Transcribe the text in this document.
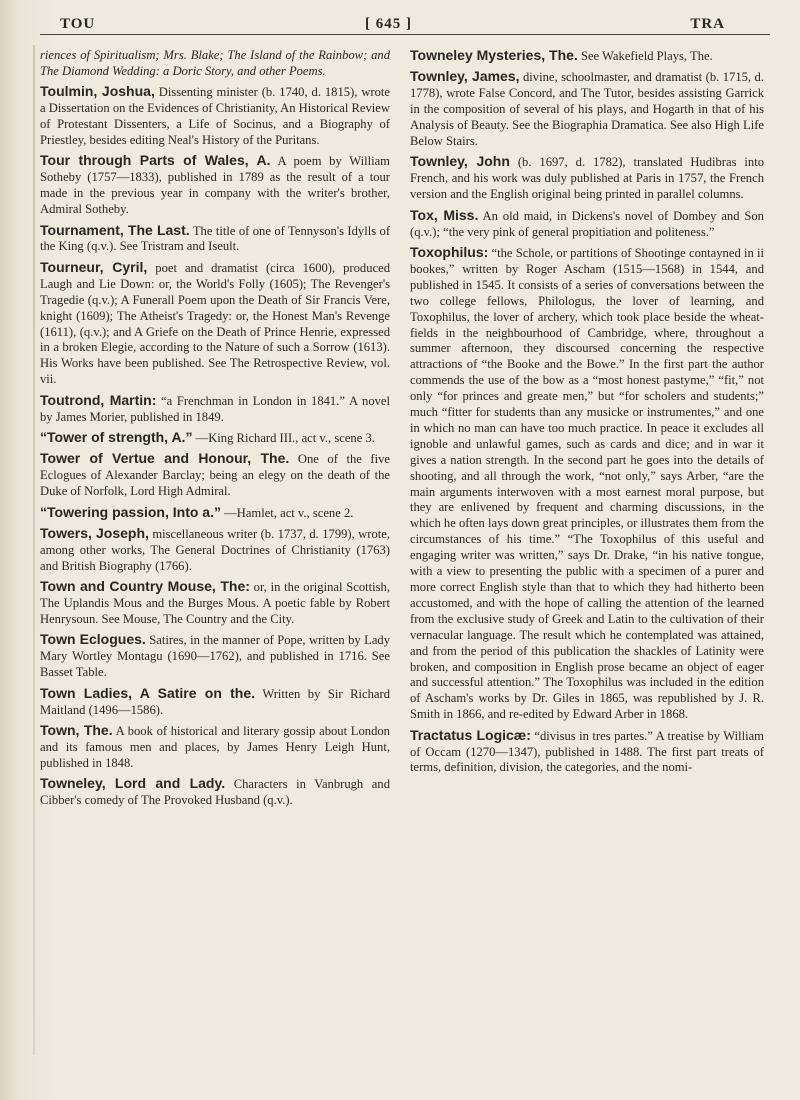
TOU	[ 645 ]	TRA

riences of Spiritualism; Mrs. Blake; The Island of the Rainbow; and The Diamond Wedding: a Doric Story, and other Poems.

Toulmin, Joshua, Dissenting minister (b. 1740, d. 1815), wrote a Dissertation on the Evidences of Christianity, An Historical Review of Protestant Dissenters, a Life of Socinus, and a Biography of Priestley, besides editing Neal's History of the Puritans.

Tour through Parts of Wales, A. A poem by William Sotheby (1757—1833), published in 1789 as the result of a tour made in the previous year in company with the writer's brother, Admiral Sotheby.

Tournament, The Last. The title of one of Tennyson's Idylls of the King (q.v.). See Tristram and Iseult.

Tourneur, Cyril, poet and dramatist (circa 1600), produced Laugh and Lie Down: or, the World's Folly (1605); The Revenger's Tragedie (q.v.); A Funerall Poem upon the Death of Sir Francis Vere, knight (1609); The Atheist's Tragedy: or, the Honest Man's Revenge (1611), (q.v.); and A Griefe on the Death of Prince Henrie, expressed in a broken Elegie, according to the Nature of such a Sorrow (1613). His Works have been published. See The Retrospective Review, vol. vii.

Toutrond, Martin: “a Frenchman in London in 1841.” A novel by James Morier, published in 1849.

“Tower of strength, A.” —King Richard III., act v., scene 3.

Tower of Vertue and Honour, The. One of the five Eclogues of Alexander Barclay; being an elegy on the death of the Duke of Norfolk, Lord High Admiral.

“Towering passion, Into a.” —Hamlet, act v., scene 2.

Towers, Joseph, miscellaneous writer (b. 1737, d. 1799), wrote, among other works, The General Doctrines of Christianity (1763) and British Biography (1766).

Town and Country Mouse, The: or, in the original Scottish, The Uplandis Mous and the Burges Mous. A poetic fable by Robert Henrysoun. See Mouse, The Country and the City.

Town Eclogues. Satires, in the manner of Pope, written by Lady Mary Wortley Montagu (1690—1762), and published in 1716. See Basset Table.

Town Ladies, A Satire on the. Written by Sir Richard Maitland (1496—1586).

Town, The. A book of historical and literary gossip about London and its famous men and places, by James Henry Leigh Hunt, published in 1848.

Towneley, Lord and Lady. Characters in Vanbrugh and Cibber's comedy of The Provoked Husband (q.v.).

Towneley Mysteries, The. See Wakefield Plays, The.

Townley, James, divine, schoolmaster, and dramatist (b. 1715, d. 1778), wrote False Concord, and The Tutor, besides assisting Garrick in the composition of several of his plays, and Hogarth in that of his Analysis of Beauty. See the Biographia Dramatica. See also High Life Below Stairs.

Townley, John (b. 1697, d. 1782), translated Hudibras into French, and his work was duly published at Paris in 1757, the French version and the English original being printed in parallel columns.

Tox, Miss. An old maid, in Dickens's novel of Dombey and Son (q.v.); “the very pink of general propitiation and politeness.”

Toxophilus: “the Schole, or partitions of Shootinge contayned in ii bookes,” written by Roger Ascham (1515—1568) in 1544, and published in 1545. It consists of a series of conversations between the two college fellows, Philologus, the lover of learning, and Toxophilus, the lover of archery, which took place beside the wheat-fields in the neighbourhood of Cambridge, where, throughout a summer afternoon, they discoursed concerning the respective attractions of “the Booke and the Bowe.” In the first part the author commends the use of the bow as a “most honest pastyme,” “fit,” not only “for princes and greate men,” but “for scholers and students;” much “fitter for students than any musicke or instrumentes,” and one in which no man can have too much practice. In peace it excludes all ignoble and unlawful games, such as cards and dice; and in war it gives a nation strength. In the second part he goes into the details of shooting, and all through the work, “not only,” says Arber, “are the main arguments interwoven with a most earnest moral purpose, but they are enlivened by frequent and charming discussions, in the which he often lays down great principles, or illustrates them from the circumstances of his time.” “The Toxophilus of this useful and engaging writer was written,” says Dr. Drake, “in his native tongue, with a view to presenting the public with a specimen of a purer and more correct English style than that to which they had hitherto been accustomed, and with the hope of calling the attention of the learned from the exclusive study of Greek and Latin to the cultivation of their vernacular language. The result which he contemplated was attained, and from the period of this publication the shackles of Latinity were broken, and composition in English prose became an object of eager and successful attention.” The Toxophilus was included in the edition of Ascham's works by Dr. Giles in 1865, was republished by J. R. Smith in 1866, and re-edited by Edward Arber in 1868.

Tractatus Logicæ: “divisus in tres partes.” A treatise by William of Occam (1270—1347), published in 1488. The first part treats of terms, definition, division, the categories, and the nomi-
